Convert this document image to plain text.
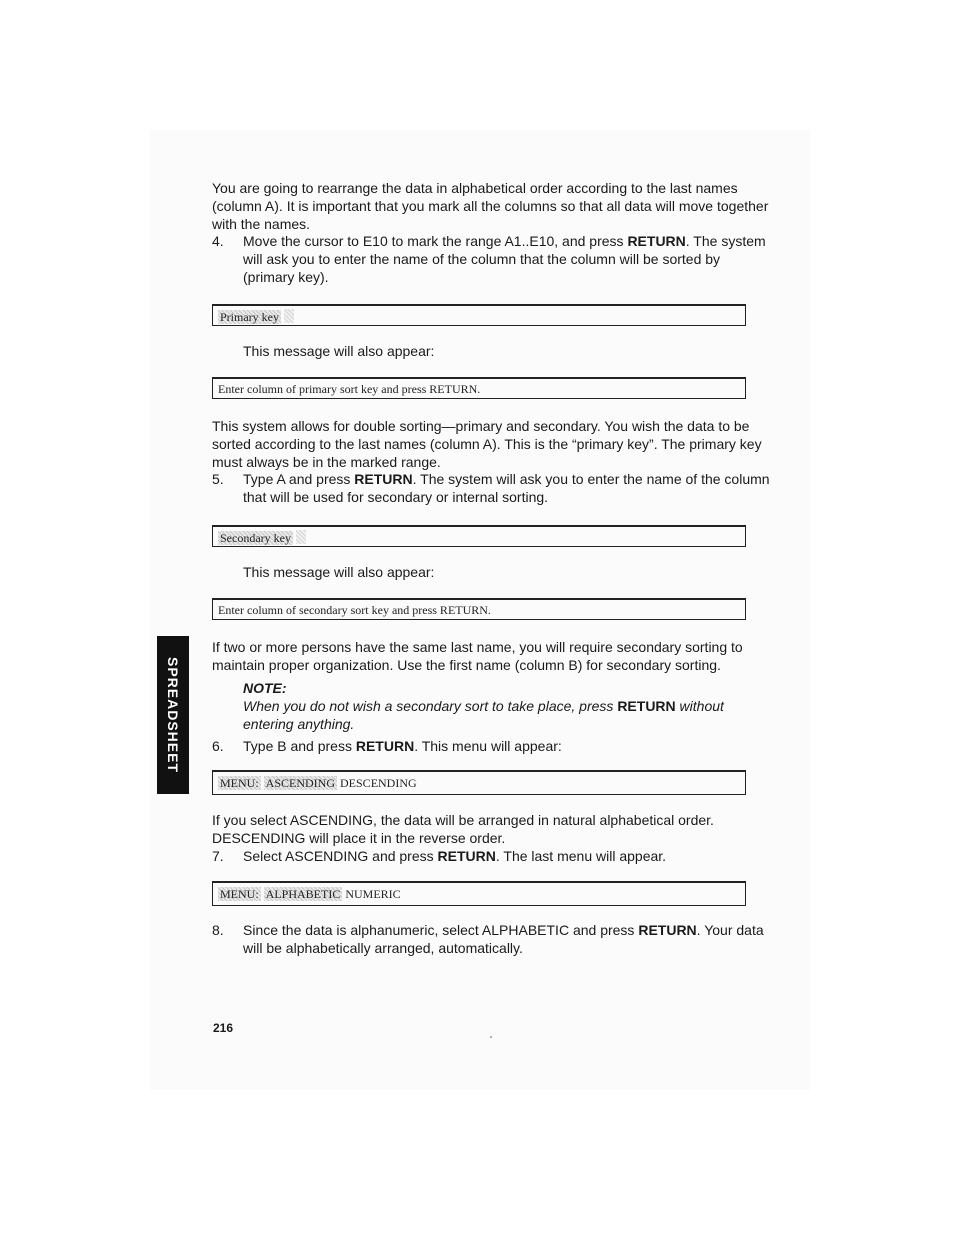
You are going to rearrange the data in alphabetical order according to the last names (column A). It is important that you mark all the columns so that all data will move together with the names.

4. Move the cursor to E10 to mark the range A1..E10, and press RETURN. The system will ask you to enter the name of the column that the column will be sorted by (primary key).
Primary key

This message will also appear:

Enter column of primary sort key and press RETURN.

This system allows for double sorting—primary and secondary. You wish the data to be sorted according to the last names (column A). This is the “primary key”. The primary key must always be in the marked range.

5. Type A and press RETURN. The system will ask you to enter the name of the column that will be used for secondary or internal sorting.
Secondary key

This message will also appear:

Enter column of secondary sort key and press RETURN.

If two or more persons have the same last name, you will require secondary sorting to maintain proper organization. Use the first name (column B) for secondary sorting.

NOTE:
When you do not wish a secondary sort to take place, press RETURN without entering anything.
6. Type B and press RETURN. This menu will appear:
MENU: ASCENDING DESCENDING

If you select ASCENDING, the data will be arranged in natural alphabetical order. DESCENDING will place it in the reverse order.

7. Select ASCENDING and press RETURN. The last menu will appear.
MENU: ALPHABETIC NUMERIC
8. Since the data is alphanumeric, select ALPHABETIC and press RETURN. Your data will be alphabetically arranged, automatically.
SPREADSHEET
216
